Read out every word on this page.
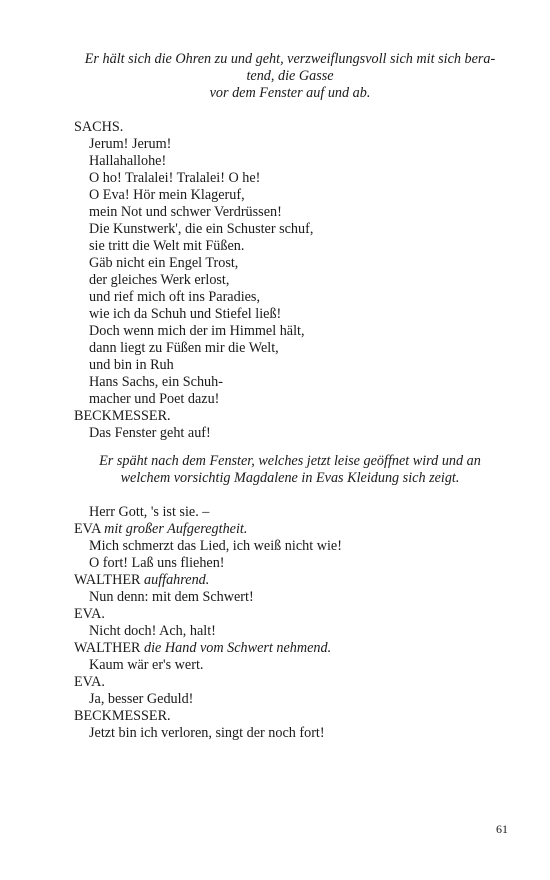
Er hält sich die Ohren zu und geht, verzweiflungsvoll sich mit sich bera-
tend, die Gasse
vor dem Fenster auf und ab.
SACHS.
Jerum! Jerum!
Hallahallohe!
O ho! Tralalei! Tralalei! O he!
O Eva! Hör mein Klageruf,
mein Not und schwer Verdrüssen!
Die Kunstwerk', die ein Schuster schuf,
sie tritt die Welt mit Füßen.
Gäb nicht ein Engel Trost,
der gleiches Werk erlost,
und rief mich oft ins Paradies,
wie ich da Schuh und Stiefel ließ!
Doch wenn mich der im Himmel hält,
dann liegt zu Füßen mir die Welt,
und bin in Ruh
Hans Sachs, ein Schuh-
macher und Poet dazu!
BECKMESSER.
Das Fenster geht auf!
Er späht nach dem Fenster, welches jetzt leise geöffnet wird und an
welchem vorsichtig Magdalene in Evas Kleidung sich zeigt.
Herr Gott, 's ist sie. –
EVA mit großer Aufgeregtheit.
Mich schmerzt das Lied, ich weiß nicht wie!
O fort! Laß uns fliehen!
WALTHER auffahrend.
Nun denn: mit dem Schwert!
EVA.
Nicht doch! Ach, halt!
WALTHER die Hand vom Schwert nehmend.
Kaum wär er's wert.
EVA.
Ja, besser Geduld!
BECKMESSER.
Jetzt bin ich verloren, singt der noch fort!
61
